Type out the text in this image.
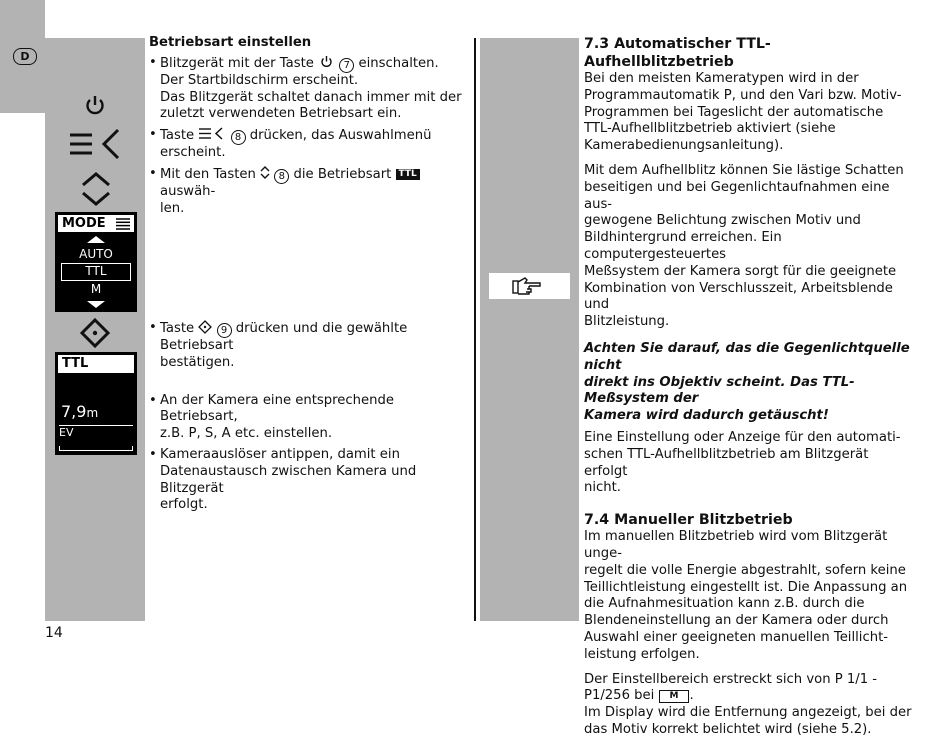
D
MODE
AUTO
TTL
M
TTL
7,9m
EV
Betriebsart einstellen
• Blitzgerät mit der Taste	7 einschalten.
Der Startbildschirm erscheint.
Das Blitzgerät schaltet danach immer mit der
zuletzt verwendeten Betriebsart ein.
• Taste	8 drücken, das Auswahlmenü
erscheint.
• Mit den Tasten 8 die Betriebsart TTL auswäh-
len.
• Taste	9 drücken und die gewählte Betriebsart
bestätigen.
• An der Kamera eine entsprechende Betriebsart,
z.B. P, S, A etc. einstellen.
• Kameraauslöser antippen, damit ein
Datenaustausch zwischen Kamera und Blitzgerät
erfolgt.
7.3 Automatischer TTL-Aufhellblitzbetrieb
Bei den meisten Kameratypen wird in der
Programmautomatik P, und den Vari bzw. Motiv-
Programmen bei Tageslicht der automatische
TTL-Aufhellblitzbetrieb aktiviert (siehe
Kamerabedienungsanleitung).
Mit dem Aufhellblitz können Sie lästige Schatten
beseitigen und bei Gegenlichtaufnahmen eine aus-
gewogene Belichtung zwischen Motiv und
Bildhintergrund erreichen. Ein computergesteuertes
Meßsystem der Kamera sorgt für die geeignete
Kombination von Verschlusszeit, Arbeitsblende und
Blitzleistung.
Achten Sie darauf, das die Gegenlichtquelle nicht
direkt ins Objektiv scheint. Das TTL-Meßsystem der
Kamera wird dadurch getäuscht!
Eine Einstellung oder Anzeige für den automati-
schen TTL-Aufhellblitzbetrieb am Blitzgerät erfolgt
nicht.
7.4 Manueller Blitzbetrieb
Im manuellen Blitzbetrieb wird vom Blitzgerät unge-
regelt die volle Energie abgestrahlt, sofern keine
Teillichtleistung eingestellt ist. Die Anpassung an
die Aufnahmesituation kann z.B. durch die
Blendeneinstellung an der Kamera oder durch
Auswahl einer geeigneten manuellen Teillicht-
leistung erfolgen.
Der Einstellbereich erstreckt sich von P 1/1 -
P1/256 bei M .
Im Display wird die Entfernung angezeigt, bei der
das Motiv korrekt belichtet wird (siehe 5.2).
14
